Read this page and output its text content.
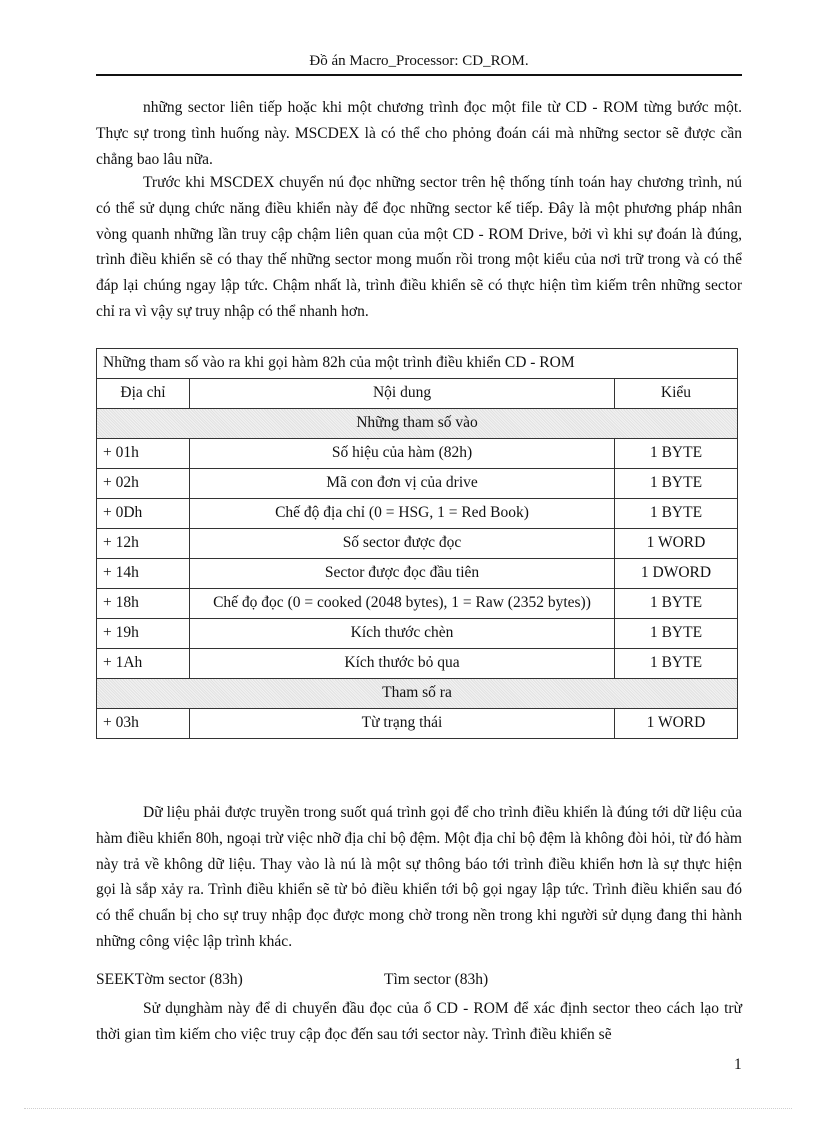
Đồ án Macro_Processor: CD_ROM.

những sector liên tiếp hoặc khi một chương trình đọc một file từ CD - ROM từng bước một. Thực sự trong tình huống này. MSCDEX là có thể cho phỏng đoán cái mà những sector sẽ được cần chẳng bao lâu nữa.

Trước khi MSCDEX chuyển nú đọc những sector trên hệ thống tính toán hay chương trình, nú có thể sử dụng chức năng điều khiển này để đọc những sector kế tiếp. Đây là một phương pháp nhân vòng quanh những lần truy cập chậm liên quan của một CD - ROM Drive, bởi vì khi sự đoán là đúng, trình điều khiển sẽ có thay thế những sector mong muốn rồi trong một kiểu của nơi trữ trong và có thể đáp lại chúng ngay lập tức. Chậm nhất là, trình điều khiển sẽ có thực hiện tìm kiếm trên những sector chỉ ra vì vậy sự truy nhập có thể nhanh hơn.

Những tham số vào ra khi gọi hàm 82h của một trình điều khiển CD - ROM		
Địa chỉ	Nội dung	Kiểu
Những tham số vào		
+ 01h	Số hiệu của hàm (82h)	1 BYTE
+ 02h	Mã con đơn vị của drive	1 BYTE
+ 0Dh	Chế độ địa chỉ (0 = HSG, 1 = Red Book)	1 BYTE
+ 12h	Số sector được đọc	1 WORD
+ 14h	Sector được đọc đầu tiên	1 DWORD
+ 18h	Chế đọ đọc (0 = cooked (2048 bytes), 1 = Raw (2352 bytes))	1 BYTE
+ 19h	Kích thước chèn	1 BYTE
+ 1Ah	Kích thước bỏ qua	1 BYTE
Tham số ra		
+ 03h	Từ trạng thái	1 WORD

Dữ liệu phải được truyền trong suốt quá trình gọi để cho trình điều khiển là đúng tới dữ liệu của hàm điều khiển 80h, ngoại trừ việc nhỡ địa chỉ bộ đệm. Một địa chỉ bộ đệm là không đòi hỏi, từ đó hàm này trả về không dữ liệu. Thay vào là nú là một sự thông báo tới trình điều khiển hơn là sự thực hiện gọi là sắp xảy ra. Trình điều khiển sẽ từ bỏ điều khiển tới bộ gọi ngay lập tức. Trình điều khiển sau đó có thể chuẩn bị cho sự truy nhập đọc được mong chờ trong nền trong khi người sử dụng đang thi hành những công việc lập trình khác.

SEEKTờm sector (83h)	Tìm sector (83h)

Sử dụnghàm này để di chuyển đầu đọc của ổ CD - ROM để xác định sector theo cách lạo trừ thời gian tìm kiếm cho việc truy cập đọc đến sau tới sector này. Trình điều khiển sẽ

1
